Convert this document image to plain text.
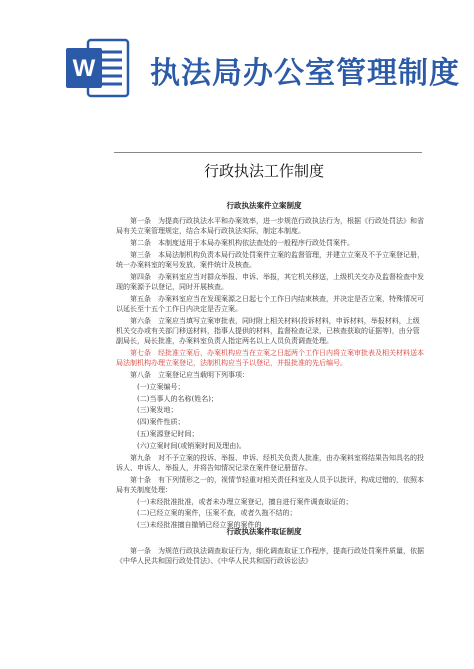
W 执法局办公室管理制度
行政执法工作制度
行政执法案件立案制度

　　第一条　为提高行政执法水平和办案效率，进一步规范行政执法行为，根据《行政处罚法》和省局有关立案管理规定，结合本局行政执法实际，制定本制度。

　　第二条　本制度适用于本局办案机构依法查处的一般程序行政处罚案件。

　　第三条　本局法制机构负责本局行政处罚案件立案的监督管理，并建立立案及不予立案登记册，统一办案料室的案号发放、案件统计及核查。

　　第四条　办案料室应当对群众举报、申诉、举报，其它机关移送，上级机关交办及监督检查中发现的案源予以登记，同时开展核查。

　　第五条　办案料室应当在发现案源之日起七个工作日内结束核查，并决定是否立案，特殊情况可以延长至十五个工作日内决定是否立案。

　　第六条　立案应当填写立案审批表，同时附上相关材料(投诉材料，申诉材料，举报材料，上级机关交办或有关部门移送材料，指事人提供的材料，监督检查记录，已核查获取的证据等)，由分管副局长，局长批准，办案料室负责人指定两名以上人员负责调查处理。

　　第七条　经批准立案后，办案机构应当在立案之日起两个工作日内将立案审批表及相关材料送本局法制机构办理立案登记，法制机构应当予以登记，并报批准的先后编号。

　　第八条　立案登记应当载明下列事项：

　　　(一)立案编号；

　　　(二)当事人的名称(姓名)；

　　　(三)案发地；

　　　(四)案件性质；

　　　(五)案源登记时间；

　　　(六)立案时间(或销案时间及理由)。

　　第九条　对不予立案的投诉、举报、申诉、经机关负责人批准，由办案料室将结果告知具名的投诉人、申诉人、举报人，并将告知情况记录在案件登记册留存。

　　第十条　有下列情形之一的，视情节轻重对相关责任科室及人员予以批评，构成过错的，依照本局有关制度处理：

　　　(一)未经批准批准，或者未办理立案登记，擅自进行案件调查取证的；

　　　(二)已经立案的案件，压案不查，或者久拖不结的；

　　　(三)未经批准擅自撤销已经立案的案件的

行政执法案件取证制度

　　第一条　为规范行政执法调查取证行为，细化调查取证工作程序，提高行政处罚案件质量，依据《中华人民共和国行政处罚法》、《中华人民共和国行政诉讼法》
